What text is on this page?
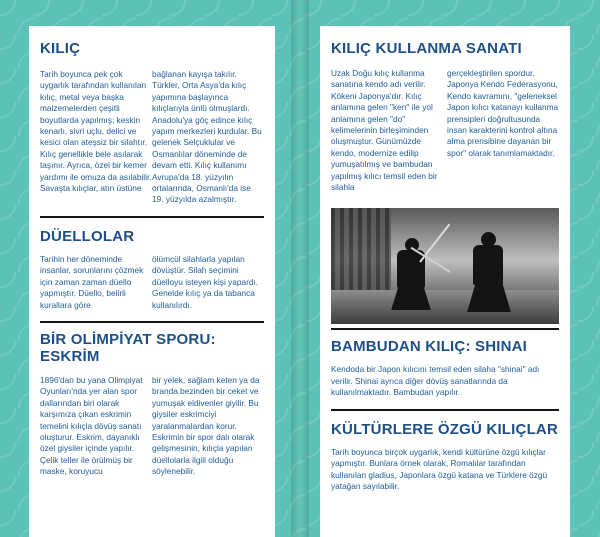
KILIÇ

Tarih boyunca pek çok uygarlık tarafından kullanılan kılıç, metal veya başka malzemelerden çeşitli boyutlarda yapılmış; keskin kenarlı, sivri uçlu, delici ve kesici olan ateşsiz bir silahtır. Kılıç genellikle bele asılarak taşınır. Ayrıca, özel bir kemer yardımı ile omuza da asılabilir. Savaşta kılıçlar, atın üstüne

bağlanan kayışa takılır. Türkler, Orta Asya'da kılıç yapımına başlayınca kılıçlarıyla ünlü olmuşlardı. Anadolu'ya göç edince kılıç yapım merkezleri kurdular. Bu gelenek Selçuklular ve Osmanlılar döneminde de devam etti. Kılıç kullanımı Avrupa'da 18. yüzyılın ortalarında, Osmanlı'da ise 19. yüzyılda azalmıştır.

DÜELLOLAR

Tarihin her döneminde insanlar, sorunlarını çözmek için zaman zaman düello yapmıştır. Düello, belirli kurallara göre

ölümcül silahlarla yapılan dövüştür. Silah seçimini düelloyu isteyen kişi yapardı. Genelde kılıç ya da tabanca kullanılırdı.

BİR OLİMPİYAT SPORU: ESKRİM

1896'dan bu yana Olimpiyat Oyunları'nda yer alan spor dallarından biri olarak karşımıza çıkan eskrimin temelini kılıçla dövüş sanatı oluşturur. Eskrim, dayanıklı özel giysiler içinde yapılır. Çelik teller ile örülmüş bir maske, koruyucu

bir yelek, sağlam keten ya da branda bezinden bir ceket ve yumuşak eldivenler giyilir. Bu giysiler eskrimciyi yaralanmalardan korur. Eskrimin bir spor dalı olarak gelişmesinin, kılıçla yapılan düellolarla ilgili olduğu söylenebilir.

KILIÇ KULLANMA SANATI

Uzak Doğu kılıç kullanma sanatına kendo adı verilir. Kökeni Japonya'dır. Kılıç anlamına gelen "ken" ile yol anlamına gelen "do" kelimelerinin birleşiminden oluşmuştur. Günümüzde kendo, modernize edilip yumuşatılmış ve bambudan yapılmış kılıcı temsil eden bir silahla

gerçekleştirilen spordur. Japonya Kendo Federasyonu, Kendo kavramını, "geleneksel Japon kılıcı katanayı kullanma prensipleri doğrultusunda insan karakterini kontrol altına alma prensibine dayanan bir spor" olarak tanımlamaktadır.

BAMBUDAN KILIÇ: SHINAI

Kendoda bir Japon kılıcını temsil eden silaha "shinai" adı verilir. Shinai ayrıca diğer dövüş sanatlarında da kullanılmaktadır. Bambudan yapılır.

KÜLTÜRLERE ÖZGÜ KILIÇLAR

Tarih boyunca birçok uygarlık, kendi kültürüne özgü kılıçlar yapmıştır. Bunlara örnek olarak, Romalılar tarafından kullanılan gladius, Japonlara özgü katana ve Türklere özgü yatağan sayılabilir.
